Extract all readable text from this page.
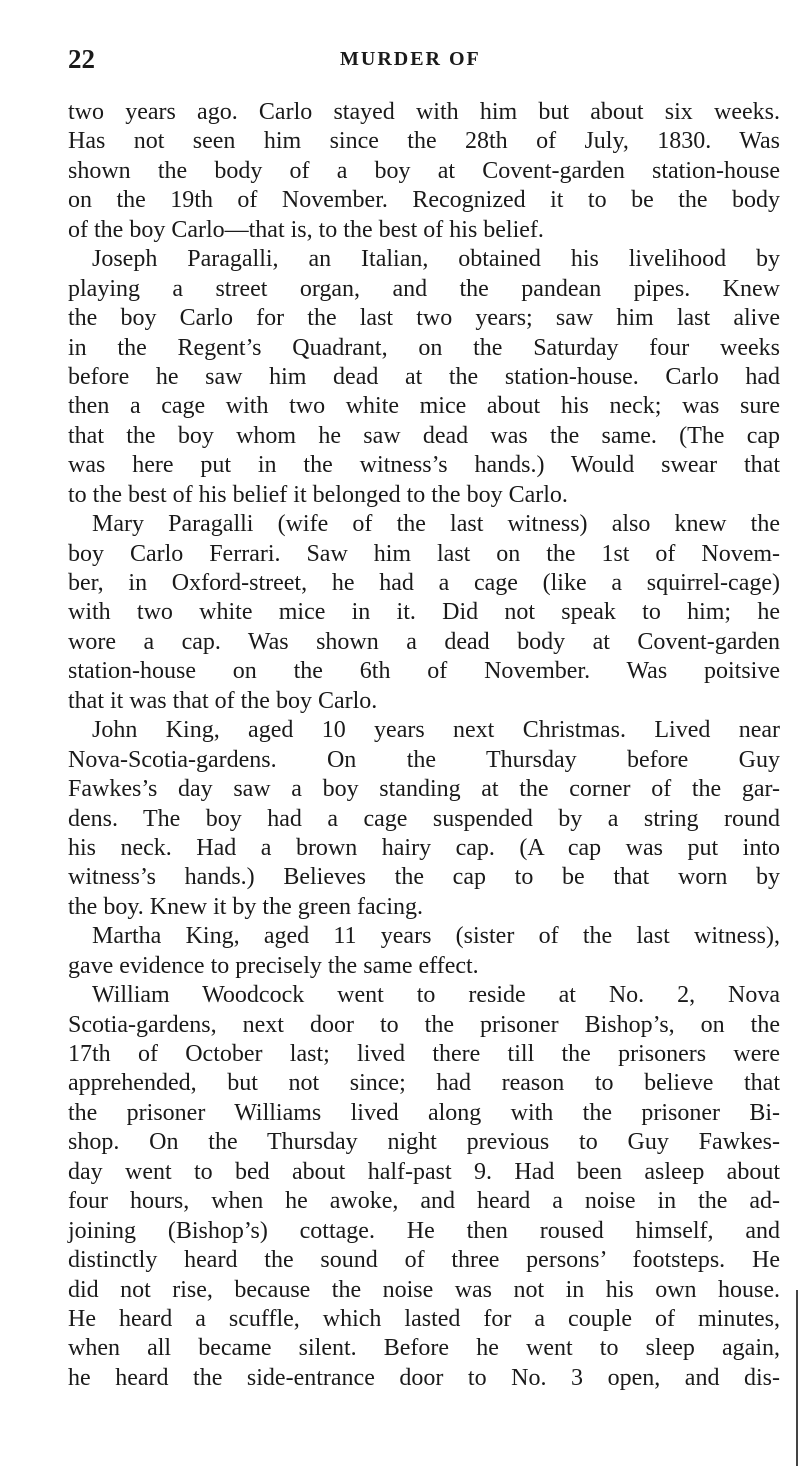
22	MURDER OF
two years ago. Carlo stayed with him but about six weeks.
Has not seen him since the 28th of July, 1830. Was
shown the body of a boy at Covent-garden station-house
on the 19th of November. Recognized it to be the body
of the boy Carlo—that is, to the best of his belief.
Joseph Paragalli, an Italian, obtained his livelihood by
playing a street organ, and the pandean pipes. Knew
the boy Carlo for the last two years; saw him last alive
in the Regent’s Quadrant, on the Saturday four weeks
before he saw him dead at the station-house. Carlo had
then a cage with two white mice about his neck; was sure
that the boy whom he saw dead was the same. (The cap
was here put in the witness’s hands.) Would swear that
to the best of his belief it belonged to the boy Carlo.
Mary Paragalli (wife of the last witness) also knew the
boy Carlo Ferrari. Saw him last on the 1st of Novem-
ber, in Oxford-street, he had a cage (like a squirrel-cage)
with two white mice in it. Did not speak to him; he
wore a cap. Was shown a dead body at Covent-garden
station-house on the 6th of November. Was poitsive
that it was that of the boy Carlo.
John King, aged 10 years next Christmas. Lived near
Nova-Scotia-gardens. On the Thursday before Guy
Fawkes’s day saw a boy standing at the corner of the gar-
dens. The boy had a cage suspended by a string round
his neck. Had a brown hairy cap. (A cap was put into
witness’s hands.) Believes the cap to be that worn by
the boy. Knew it by the green facing.
Martha King, aged 11 years (sister of the last witness),
gave evidence to precisely the same effect.
William Woodcock went to reside at No. 2, Nova
Scotia-gardens, next door to the prisoner Bishop’s, on the
17th of October last; lived there till the prisoners were
apprehended, but not since; had reason to believe that
the prisoner Williams lived along with the prisoner Bi-
shop. On the Thursday night previous to Guy Fawkes-
day went to bed about half-past 9. Had been asleep about
four hours, when he awoke, and heard a noise in the ad-
joining (Bishop’s) cottage. He then roused himself, and
distinctly heard the sound of three persons’ footsteps. He
did not rise, because the noise was not in his own house.
He heard a scuffle, which lasted for a couple of minutes,
when all became silent. Before he went to sleep again,
he heard the side-entrance door to No. 3 open, and dis-
